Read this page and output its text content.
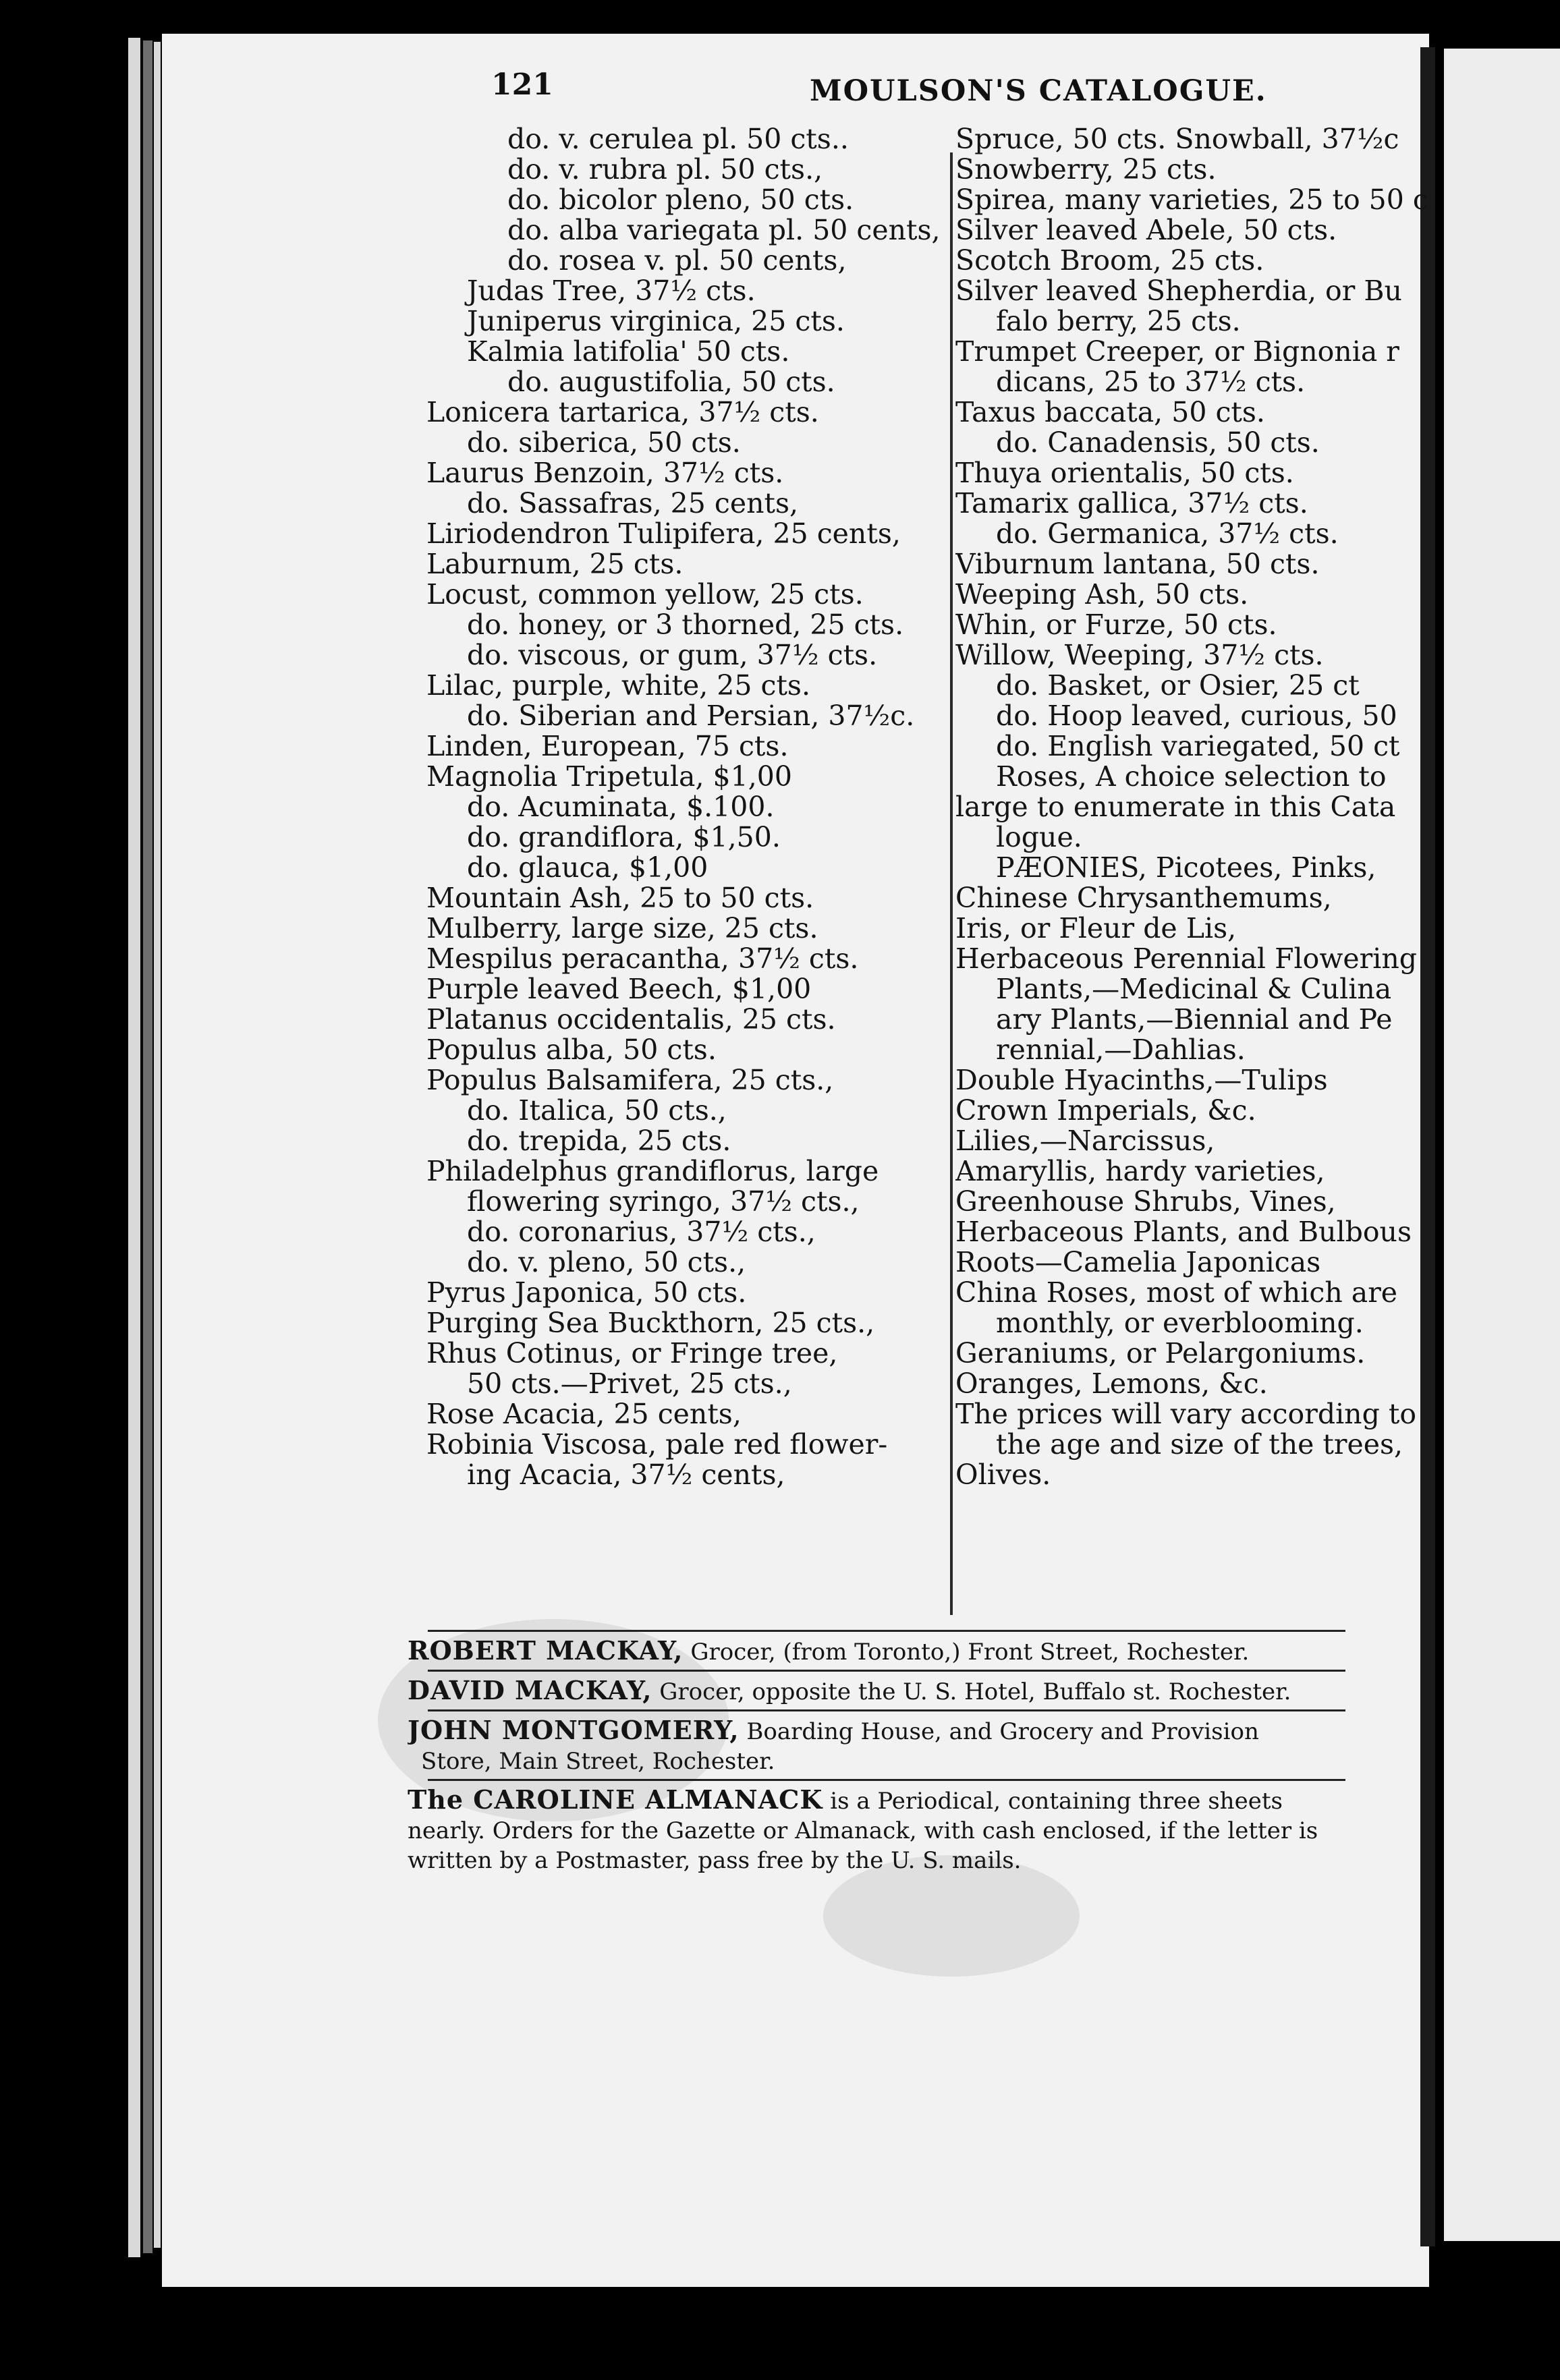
121	MOULSON'S CATALOGUE.
do. v. cerulea pl. 50 cts..
do. v. rubra pl. 50 cts.,
do. bicolor pleno, 50 cts.
do. alba variegata pl. 50 cents,
do. rosea v. pl. 50 cents,
Judas Tree, 37½ cts.
Juniperus virginica, 25 cts.
Kalmia latifolia' 50 cts.
do. augustifolia, 50 cts.
Lonicera tartarica, 37½ cts.
do. siberica, 50 cts.
Laurus Benzoin, 37½ cts.
do. Sassafras, 25 cents,
Liriodendron Tulipifera, 25 cents,
Laburnum, 25 cts.
Locust, common yellow, 25 cts.
do. honey, or 3 thorned, 25 cts.
do. viscous, or gum, 37½ cts.
Lilac, purple, white, 25 cts.
do. Siberian and Persian, 37½c.
Linden, European, 75 cts.
Magnolia Tripetula, $1,00
do. Acuminata, $.100.
do. grandiflora, $1,50.
do. glauca, $1,00
Mountain Ash, 25 to 50 cts.
Mulberry, large size, 25 cts.
Mespilus peracantha, 37½ cts.
Purple leaved Beech, $1,00
Platanus occidentalis, 25 cts.
Populus alba, 50 cts.
Populus Balsamifera, 25 cts.,
do. Italica, 50 cts.,
do. trepida, 25 cts.
Philadelphus grandiflorus, large
flowering syringo, 37½ cts.,
do. coronarius, 37½ cts.,
do. v. pleno, 50 cts.,
Pyrus Japonica, 50 cts.
Purging Sea Buckthorn, 25 cts.,
Rhus Cotinus, or Fringe tree,
50 cts.—Privet, 25 cts.,
Rose Acacia, 25 cents,
Robinia Viscosa, pale red flower-
ing Acacia, 37½ cents,
Spruce, 50 cts. Snowball, 37½c
Snowberry, 25 cts.
Spirea, many varieties, 25 to 50 c
Silver leaved Abele, 50 cts.
Scotch Broom, 25 cts.
Silver leaved Shepherdia, or Bu
falo berry, 25 cts.
Trumpet Creeper, or Bignonia r
dicans, 25 to 37½ cts.
Taxus baccata, 50 cts.
do. Canadensis, 50 cts.
Thuya orientalis, 50 cts.
Tamarix gallica, 37½ cts.
do. Germanica, 37½ cts.
Viburnum lantana, 50 cts.
Weeping Ash, 50 cts.
Whin, or Furze, 50 cts.
Willow, Weeping, 37½ cts.
do. Basket, or Osier, 25 ct
do. Hoop leaved, curious, 50
do. English variegated, 50 ct
Roses, A choice selection to
large to enumerate in this Cata
logue.
PÆONIES, Picotees, Pinks,
Chinese Chrysanthemums,
Iris, or Fleur de Lis,
Herbaceous Perennial Flowering
Plants,—Medicinal & Culina
ary Plants,—Biennial and Pe
rennial,—Dahlias.
Double Hyacinths,—Tulips
Crown Imperials, &c.
Lilies,—Narcissus,
Amaryllis, hardy varieties,
Greenhouse Shrubs, Vines,
Herbaceous Plants, and Bulbous
Roots—Camelia Japonicas
China Roses, most of which are
monthly, or everblooming.
Geraniums, or Pelargoniums.
Oranges, Lemons, &c.
The prices will vary according to
the age and size of the trees,
Olives.
ROBERT MACKAY, Grocer, (from Toronto,) Front Street, Rochester.
DAVID MACKAY, Grocer, opposite the U. S. Hotel, Buffalo st. Rochester.
JOHN MONTGOMERY, Boarding House, and Grocery and Provision
Store, Main Street, Rochester.
The CAROLINE ALMANACK is a Periodical, containing three sheets
nearly. Orders for the Gazette or Almanack, with cash enclosed, if the letter is
written by a Postmaster, pass free by the U. S. mails.
